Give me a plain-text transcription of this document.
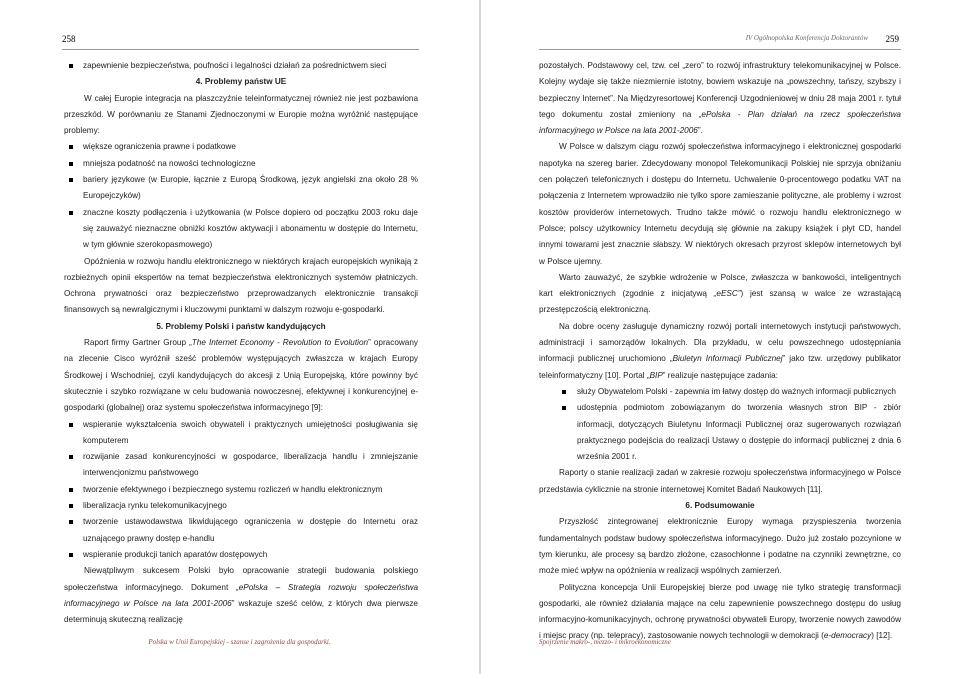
258
zapewnienie bezpieczeństwa, poufności i legalności działań za pośrednictwem sieci

4. Problemy państw UE

W całej Europie integracja na płaszczyźnie teleinformatycznej również nie jest pozbawiona przeszkód. W porównaniu ze Stanami Zjednoczonymi w Europie można wyróżnić następujące problemy:

większe ograniczenia prawne i podatkowe
mniejsza podatność na nowości technologiczne
bariery językowe (w Europie, łącznie z Europą Środkową, język angielski zna około 28 % Europejczyków)
znaczne koszty podłączenia i użytkowania (w Polsce dopiero od początku 2003 roku daje się zauważyć nieznaczne obniżki kosztów aktywacji i abonamentu w dostępie do Internetu, w tym głównie szerokopasmowego)

Opóźnienia w rozwoju handlu elektronicznego w niektórych krajach europejskich wynikają z rozbieżnych opinii ekspertów na temat bezpieczeństwa elektronicznych systemów płatniczych. Ochrona prywatności oraz bezpieczeństwo przeprowadzanych elektronicznie transakcji finansowych są newralgicznymi i kluczowymi punktami w dalszym rozwoju e-gospodarki.

5. Problemy Polski i państw kandydujących

Raport firmy Gartner Group „The Internet Economy - Revolution to Evolution” opracowany na zlecenie Cisco wyróżnił sześć problemów występujących zwłaszcza w krajach Europy Środkowej i Wschodniej, czyli kandydujących do akcesji z Unią Europejską, które powinny być skutecznie i szybko rozwiązane w celu budowania nowoczesnej, efektywnej i konkurencyjnej e-gospodarki (globalnej) oraz systemu społeczeństwa informacyjnego [9]:

wspieranie wykształcenia swoich obywateli i praktycznych umiejętności posługiwania się komputerem
rozwijanie zasad konkurencyjności w gospodarce, liberalizacja handlu i zmniejszanie interwencjonizmu państwowego
tworzenie efektywnego i bezpiecznego systemu rozliczeń w handlu elektronicznym
liberalizacja rynku telekomunikacyjnego
tworzenie ustawodawstwa likwidującego ograniczenia w dostępie do Internetu oraz uznającego prawny dostęp e-handlu
wspieranie produkcji tanich aparatów dostępowych

Niewątpliwym sukcesem Polski było opracowanie strategii budowania polskiego społeczeństwa informacyjnego. Dokument „ePolska – Strategia rozwoju społeczeństwa informacyjnego w Polsce na lata 2001-2006” wskazuje sześć celów, z których dwa pierwsze determinują skuteczną realizację

Polska w Unii Europejskiej - szanse i zagrożenia dla gospodarki.
IV Ogólnopolska Konferencja Doktorantów 259

pozostałych. Podstawowy cel, tzw. cel „zero” to rozwój infrastruktury telekomunikacyjnej w Polsce. Kolejny wydaje się także niezmiernie istotny, bowiem wskazuje na „powszechny, tańszy, szybszy i bezpieczny Internet”. Na Międzyresortowej Konferencji Uzgodnieniowej w dniu 28 maja 2001 r. tytuł tego dokumentu został zmieniony na „ePolska - Plan działań na rzecz społeczeństwa informacyjnego w Polsce na lata 2001-2006”.

W Polsce w dalszym ciągu rozwój społeczeństwa informacyjnego i elektronicznej gospodarki napotyka na szereg barier. Zdecydowany monopol Telekomunikacji Polskiej nie sprzyja obniżaniu cen połączeń telefonicznych i dostępu do Internetu. Uchwalenie 0-procentowego podatku VAT na połączenia z Internetem wprowadziło nie tylko spore zamieszanie polityczne, ale problemy i wzrost kosztów providerów internetowych. Trudno także mówić o rozwoju handlu elektronicznego w Polsce; polscy użytkownicy Internetu decydują się głównie na zakupy książek i płyt CD, handel innymi towarami jest znacznie słabszy. W niektórych okresach przyrost sklepów internetowych był w Polsce ujemny.

Warto zauważyć, że szybkie wdrożenie w Polsce, zwłaszcza w bankowości, inteligentnych kart elektronicznych (zgodnie z inicjatywą „eESC”) jest szansą w walce ze wzrastającą przestępczością elektroniczną.

Na dobre oceny zasługuje dynamiczny rozwój portali internetowych instytucji państwowych, administracji i samorządów lokalnych. Dla przykładu, w celu powszechnego udostępniania informacji publicznej uruchomiono „Biuletyn Informacji Publicznej” jako tzw. urzędowy publikator teleinformatyczny [10]. Portal „BIP” realizuje następujące zadania:

służy Obywatelom Polski - zapewnia im łatwy dostęp do ważnych informacji publicznych
udostępnia podmiotom zobowiązanym do tworzenia własnych stron BIP - zbiór informacji, dotyczących Biuletynu Informacji Publicznej oraz sugerowanych rozwiązań praktycznego podejścia do realizacji Ustawy o dostępie do informacji publicznej z dnia 6 września 2001 r.

Raporty o stanie realizacji zadań w zakresie rozwoju społeczeństwa informacyjnego w Polsce przedstawia cyklicznie na stronie internetowej Komitet Badań Naukowych [11].

6. Podsumowanie

Przyszłość zintegrowanej elektronicznie Europy wymaga przyspieszenia tworzenia fundamentalnych podstaw budowy społeczeństwa informacyjnego. Dużo już zostało pozcynione w tym kierunku, ale procesy są bardzo złożone, czasochłonne i podatne na czynniki zewnętrzne, co może mieć wpływ na opóźnienia w realizacji wspólnych zamierzeń.

Polityczna koncepcja Unii Europejskiej bierze pod uwagę nie tylko strategię transformacji gospodarki, ale również działania mające na celu zapewnienie powszechnego dostępu do usług informacyjno-komunikacyjnych, ochronę prywatności obywateli Europy, tworzenie nowych zawodów i miejsc pracy (np. telepracy), zastosowanie nowych technologii w demokracji (e-democracy) [12].

Spojrzenie makro-, mezzo- i mikroekonomiczne
